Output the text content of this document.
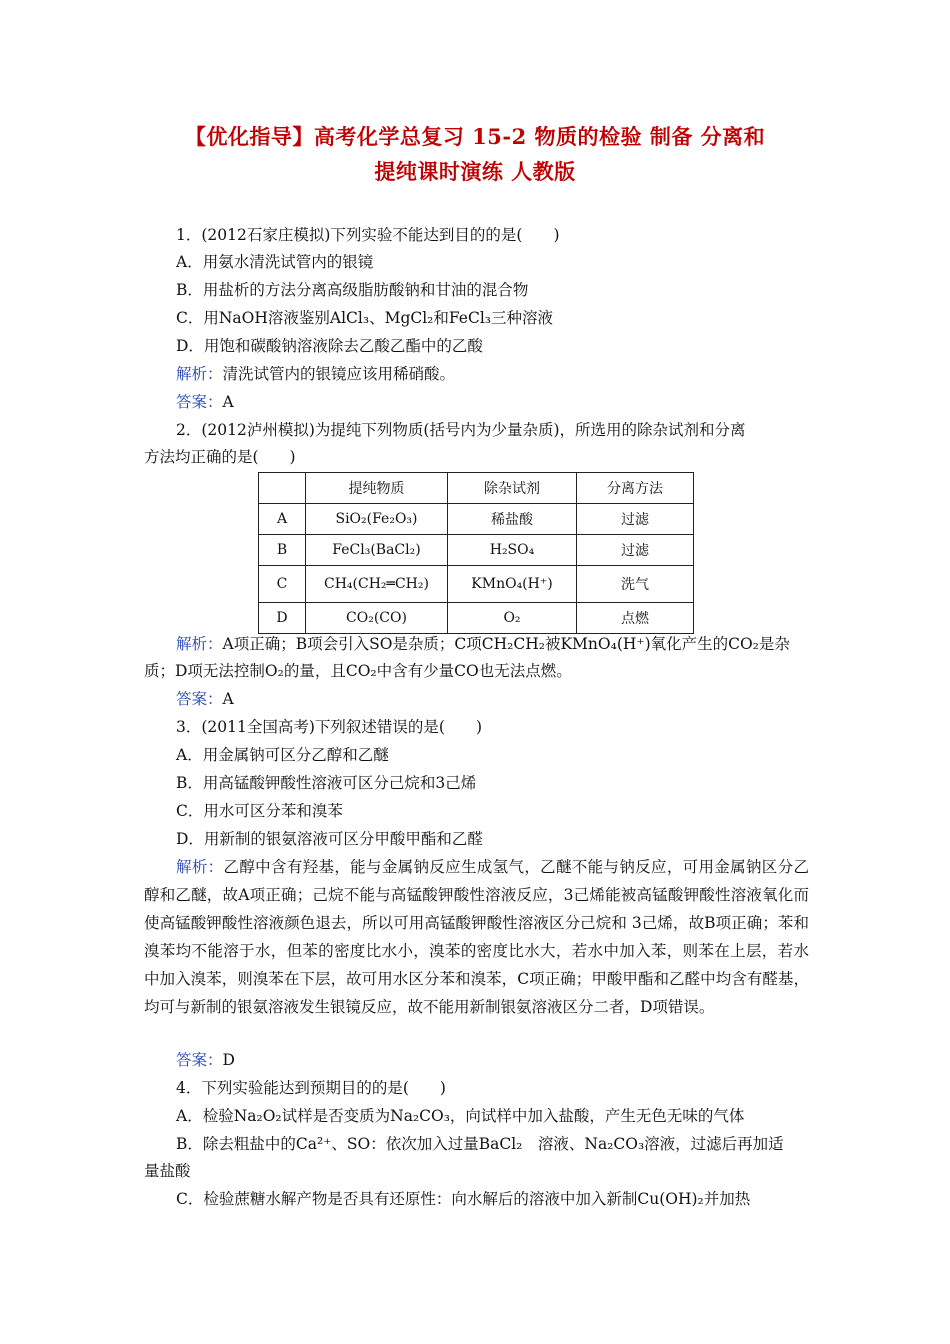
【优化指导】高考化学总复习 15-2 物质的检验 制备 分离和
提纯课时演练 人教版
1．(2012石家庄模拟)下列实验不能达到目的的是(　　)
A．用氨水清洗试管内的银镜
B．用盐析的方法分离高级脂肪酸钠和甘油的混合物
C．用NaOH溶液鉴别AlCl₃、MgCl₂和FeCl₃三种溶液
D．用饱和碳酸钠溶液除去乙酸乙酯中的乙酸
解析：清洗试管内的银镜应该用稀硝酸。
答案：A
2．(2012泸州模拟)为提纯下列物质(括号内为少量杂质)，所选用的除杂试剂和分离
方法均正确的是(　　)
	提纯物质	除杂试剂	分离方法
A	SiO₂(Fe₂O₃)	稀盐酸	过滤
B	FeCl₃(BaCl₂)	H₂SO₄	过滤
C	CH₄(CH₂═CH₂)	KMnO₄(H⁺)	洗气
D	CO₂(CO)	O₂	点燃
解析：A项正确；B项会引入SO是杂质；C项CH₂CH₂被KMnO₄(H⁺)氧化产生的CO₂是杂
质；D项无法控制O₂的量，且CO₂中含有少量CO也无法点燃。
答案：A
3．(2011全国高考)下列叙述错误的是(　　)
A．用金属钠可区分乙醇和乙醚
B．用高锰酸钾酸性溶液可区分己烷和3己烯
C．用水可区分苯和溴苯
D．用新制的银氨溶液可区分甲酸甲酯和乙醛
解析：乙醇中含有羟基，能与金属钠反应生成氢气，乙醚不能与钠反应，可用金属钠区分乙醇和乙醚，故A项正确；己烷不能与高锰酸钾酸性溶液反应，3己烯能被高锰酸钾酸性溶液氧化而使高锰酸钾酸性溶液颜色退去，所以可用高锰酸钾酸性溶液区分己烷和 3己烯，故B项正确；苯和溴苯均不能溶于水，但苯的密度比水小，溴苯的密度比水大，若水中加入苯，则苯在上层，若水中加入溴苯，则溴苯在下层，故可用水区分苯和溴苯，C项正确；甲酸甲酯和乙醛中均含有醛基，均可与新制的银氨溶液发生银镜反应，故不能用新制银氨溶液区分二者，D项错误。
答案：D
4．下列实验能达到预期目的的是(　　)
A．检验Na₂O₂试样是否变质为Na₂CO₃，向试样中加入盐酸，产生无色无味的气体
B．除去粗盐中的Ca²⁺、SO：依次加入过量BaCl₂　溶液、Na₂CO₃溶液，过滤后再加适
量盐酸
C．检验蔗糖水解产物是否具有还原性：向水解后的溶液中加入新制Cu(OH)₂并加热
